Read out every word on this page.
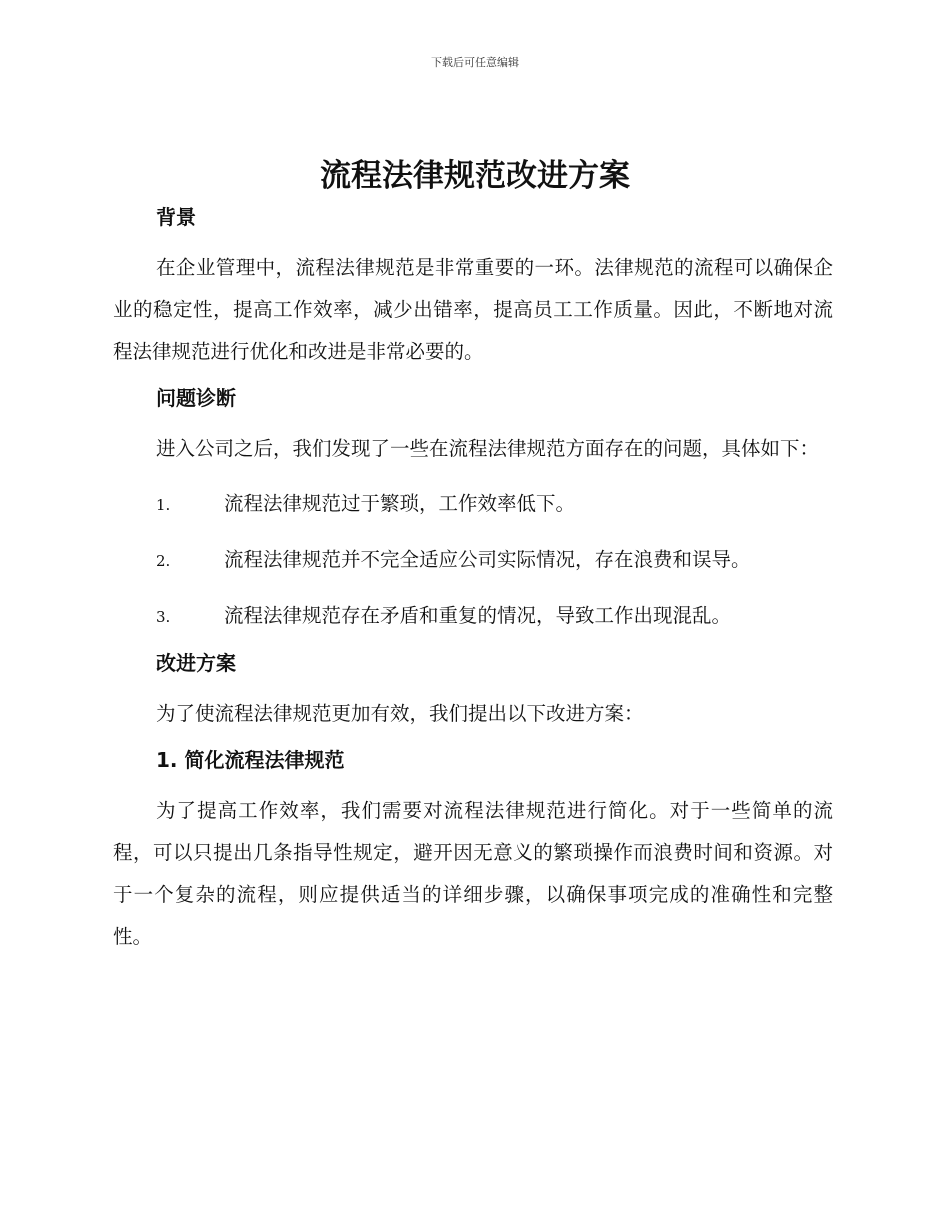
下载后可任意编辑
流程法律规范改进方案
背景

在企业管理中，流程法律规范是非常重要的一环。法律规范的流程可以确保企业的稳定性，提高工作效率，减少出错率，提高员工工作质量。因此，不断地对流程法律规范进行优化和改进是非常必要的。

问题诊断

进入公司之后，我们发现了一些在流程法律规范方面存在的问题，具体如下：

1.	流程法律规范过于繁琐，工作效率低下。
2.	流程法律规范并不完全适应公司实际情况，存在浪费和误导。
3.	流程法律规范存在矛盾和重复的情况，导致工作出现混乱。
改进方案

为了使流程法律规范更加有效，我们提出以下改进方案：

1. 简化流程法律规范

为了提高工作效率，我们需要对流程法律规范进行简化。对于一些简单的流程，可以只提出几条指导性规定，避开因无意义的繁琐操作而浪费时间和资源。对于一个复杂的流程，则应提供适当的详细步骤，以确保事项完成的准确性和完整性。
